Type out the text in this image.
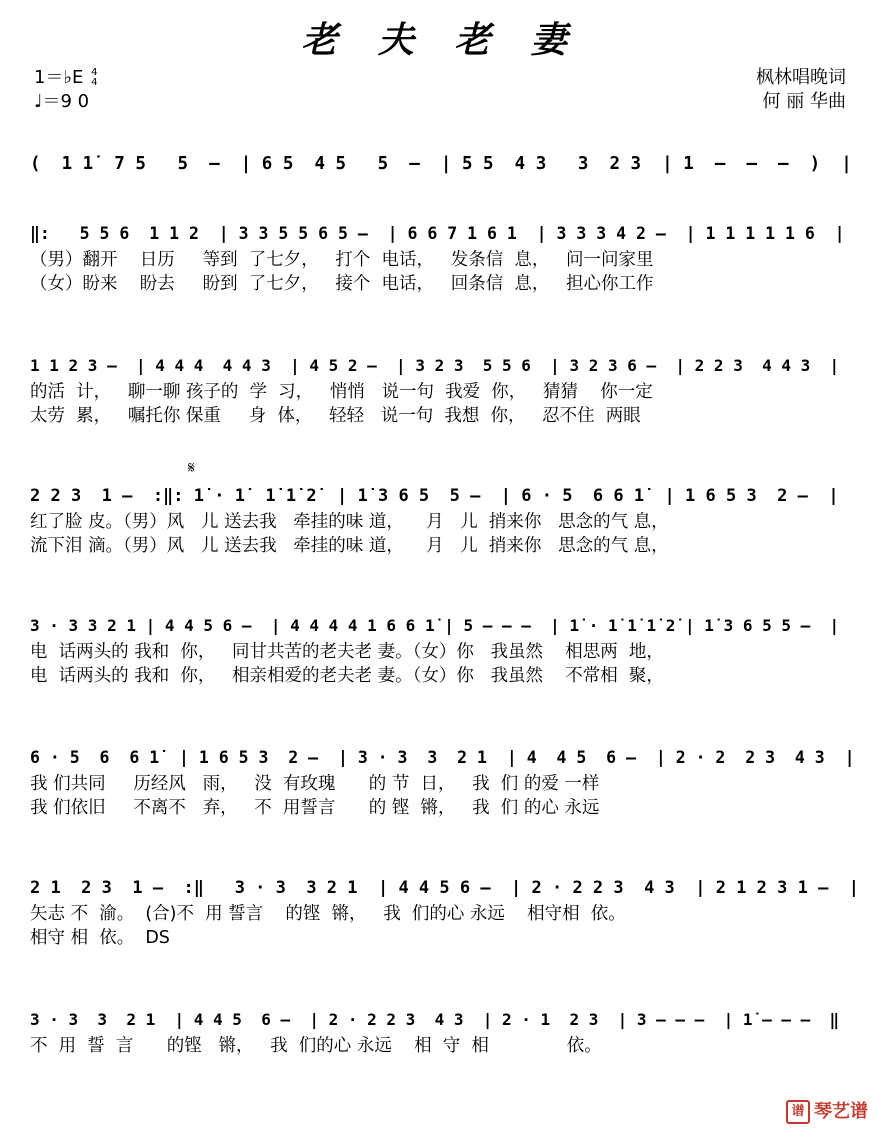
老 夫 老 妻
1＝♭E 4
4
♩＝9 0
枫林唱晚词
何 丽 华曲
𝄋
(  1 1̇  7 5   5  –  | 6 5  4 5   5  –  | 5 5  4 3   3  2 3  | 1  –  –  –  )  |
‖:   5 5 6  1 1 2  | 3 3 5 5 6 5 –  | 6 6 7 1 6 1  | 3 3 3 4 2 –  | 1 1 1 1 1 6  |
（男）翻开    日历     等到  了七夕，   打个  电话，   发条信  息，   问一问家里
（女）盼来    盼去     盼到  了七夕，   接个  电话，   回条信  息，   担心你工作
1 1 2 3 –  | 4 4 4  4 4 3  | 4 5 2 –  | 3 2 3  5 5 6  | 3 2 3 6 –  | 2 2 3  4 4 3  |
的活  计，   聊一聊 孩子的  学  习，   悄悄   说一句  我爱  你，   猜猜    你一定
太劳  累，   嘱托你 保重     身  体，   轻轻   说一句  我想  你，   忍不住  两眼
2 2 3  1 –  :‖: 1̇ · 1̇  1̇ 1̇ 2̇  | 1̇ 3 6 5  5 –  | 6 · 5  6 6 1̇  | 1 6 5 3  2 –  |
红了脸 皮。（男）风   儿 送去我   牵挂的味 道，    月   儿  捎来你   思念的气 息，
流下泪 滴。（男）风   儿 送去我   牵挂的味 道，    月   儿  捎来你   思念的气 息，
3 · 3 3 2 1 | 4 4 5 6 –  | 4 4 4 4 1 6 6 1̇ | 5 – – –  | 1̇ · 1̇ 1̇ 1̇ 2̇ | 1̇ 3 6 5 5 –  |
电  话两头的 我和  你，   同甘共苦的老夫老 妻。（女）你   我虽然    相思两  地，
电  话两头的 我和  你，   相亲相爱的老夫老 妻。（女）你   我虽然    不常相  聚，
6 · 5  6  6 1̇  | 1 6 5 3  2 –  | 3 · 3  3  2 1  | 4  4 5  6 –  | 2 · 2  2 3  4 3  |
我 们共同     历经风   雨，   没  有玫瑰      的 节  日，   我  们 的爱 一样
我 们依旧     不离不   弃，   不  用誓言      的 铿  锵，   我  们 的心 永远
2 1  2 3  1 –  :‖   3 · 3  3 2 1  | 4 4 5 6 –  | 2 · 2 2 3  4 3  | 2 1 2 3 1 –  |
矢志 不  渝。  (合)不  用 誓言    的铿  锵，   我  们的心 永远    相守相  依。
相守 相  依。  DS
3 · 3  3  2 1  | 4 4 5  6 –  | 2 · 2 2 3  4 3  | 2 · 1  2 3  | 3 – – –  | 1̇ – – –  ‖
不  用  誓  言      的铿   锵，   我  们的心 永远    相  守  相              依。
谱 琴艺谱
